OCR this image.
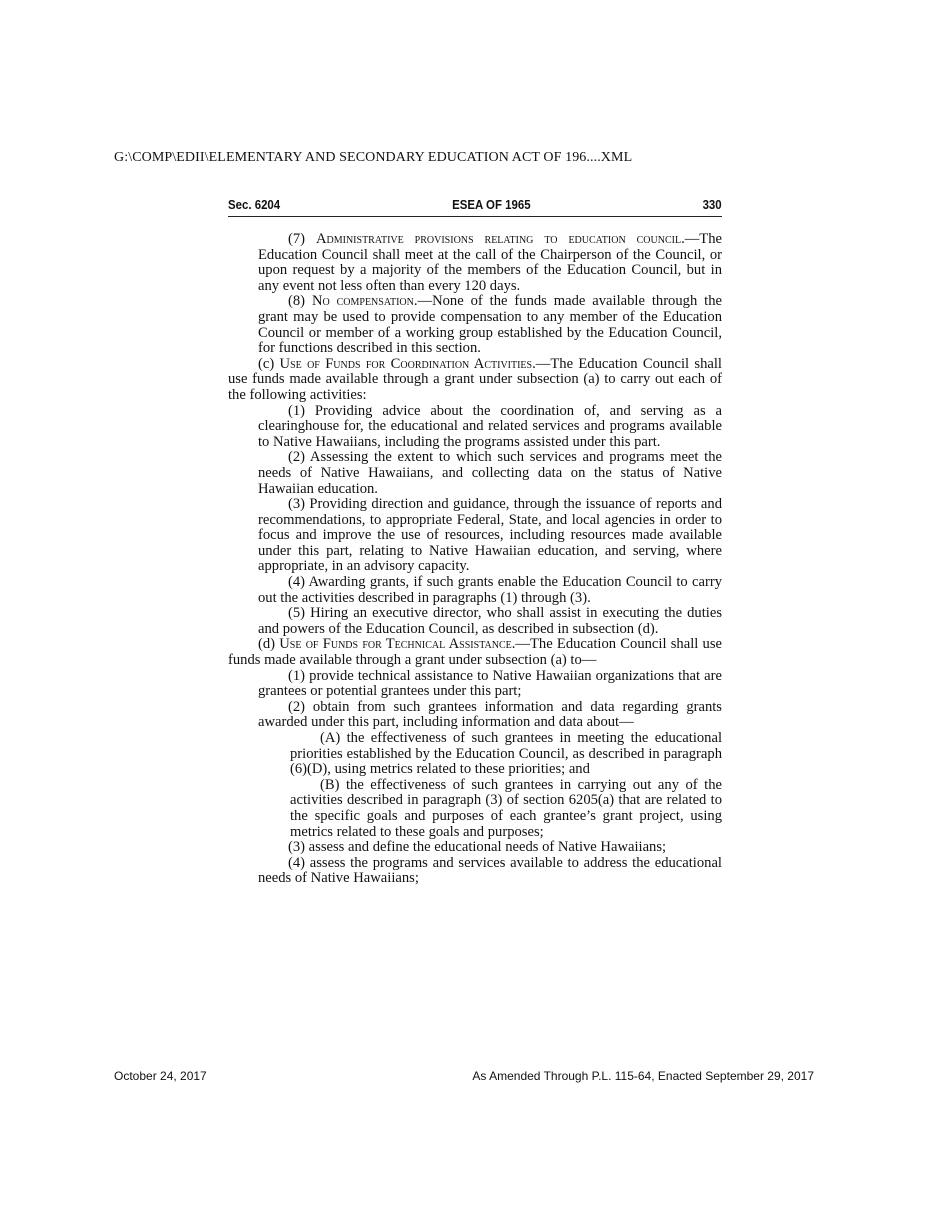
G:\COMP\EDII\ELEMENTARY AND SECONDARY EDUCATION ACT OF 196....XML
Sec. 6204	ESEA OF 1965	330

(7) Administrative provisions relating to education council.—The Education Council shall meet at the call of the Chairperson of the Council, or upon request by a majority of the members of the Education Council, but in any event not less often than every 120 days.

(8) No compensation.—None of the funds made available through the grant may be used to provide compensation to any member of the Education Council or member of a working group established by the Education Council, for functions described in this section.

(c) Use of Funds for Coordination Activities.—The Education Council shall use funds made available through a grant under subsection (a) to carry out each of the following activities:

(1) Providing advice about the coordination of, and serving as a clearinghouse for, the educational and related services and programs available to Native Hawaiians, including the programs assisted under this part.

(2) Assessing the extent to which such services and programs meet the needs of Native Hawaiians, and collecting data on the status of Native Hawaiian education.

(3) Providing direction and guidance, through the issuance of reports and recommendations, to appropriate Federal, State, and local agencies in order to focus and improve the use of resources, including resources made available under this part, relating to Native Hawaiian education, and serving, where appropriate, in an advisory capacity.

(4) Awarding grants, if such grants enable the Education Council to carry out the activities described in paragraphs (1) through (3).

(5) Hiring an executive director, who shall assist in executing the duties and powers of the Education Council, as described in subsection (d).

(d) Use of Funds for Technical Assistance.—The Education Council shall use funds made available through a grant under subsection (a) to—

(1) provide technical assistance to Native Hawaiian organizations that are grantees or potential grantees under this part;

(2) obtain from such grantees information and data regarding grants awarded under this part, including information and data about—

(A) the effectiveness of such grantees in meeting the educational priorities established by the Education Council, as described in paragraph (6)(D), using metrics related to these priorities; and

(B) the effectiveness of such grantees in carrying out any of the activities described in paragraph (3) of section 6205(a) that are related to the specific goals and purposes of each grantee’s grant project, using metrics related to these goals and purposes;

(3) assess and define the educational needs of Native Hawaiians;

(4) assess the programs and services available to address the educational needs of Native Hawaiians;

October 24, 2017	As Amended Through P.L. 115-64, Enacted September 29, 2017
